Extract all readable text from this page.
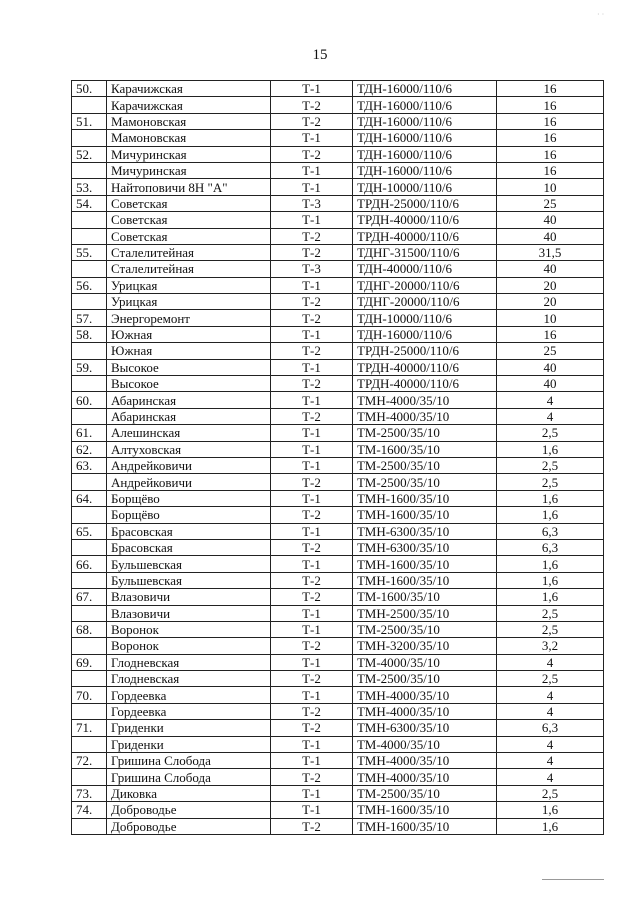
· ·
15
50.	Карачижская	Т-1	ТДН-16000/110/6	16
	Карачижская	Т-2	ТДН-16000/110/6	16
51.	Мамоновская	Т-2	ТДН-16000/110/6	16
	Мамоновская	Т-1	ТДН-16000/110/6	16
52.	Мичуринская	Т-2	ТДН-16000/110/6	16
	Мичуринская	Т-1	ТДН-16000/110/6	16
53.	Найтоповичи 8Н "А"	Т-1	ТДН-10000/110/6	10
54.	Советская	Т-3	ТРДН-25000/110/6	25
	Советская	Т-1	ТРДН-40000/110/6	40
	Советская	Т-2	ТРДН-40000/110/6	40
55.	Сталелитейная	Т-2	ТДНГ-31500/110/6	31,5
	Сталелитейная	Т-3	ТДН-40000/110/6	40
56.	Урицкая	Т-1	ТДНГ-20000/110/6	20
	Урицкая	Т-2	ТДНГ-20000/110/6	20
57.	Энергоремонт	Т-2	ТДН-10000/110/6	10
58.	Южная	Т-1	ТДН-16000/110/6	16
	Южная	Т-2	ТРДН-25000/110/6	25
59.	Высокое	Т-1	ТРДН-40000/110/6	40
	Высокое	Т-2	ТРДН-40000/110/6	40
60.	Абаринская	Т-1	ТМН-4000/35/10	4
	Абаринская	Т-2	ТМН-4000/35/10	4
61.	Алешинская	Т-1	ТМ-2500/35/10	2,5
62.	Алтуховская	Т-1	ТМ-1600/35/10	1,6
63.	Андрейковичи	Т-1	ТМ-2500/35/10	2,5
	Андрейковичи	Т-2	ТМ-2500/35/10	2,5
64.	Борщёво	Т-1	ТМН-1600/35/10	1,6
	Борщёво	Т-2	ТМН-1600/35/10	1,6
65.	Брасовская	Т-1	ТМН-6300/35/10	6,3
	Брасовская	Т-2	ТМН-6300/35/10	6,3
66.	Бульшевская	Т-1	ТМН-1600/35/10	1,6
	Бульшевская	Т-2	ТМН-1600/35/10	1,6
67.	Влазовичи	Т-2	ТМ-1600/35/10	1,6
	Влазовичи	Т-1	ТМН-2500/35/10	2,5
68.	Воронок	Т-1	ТМ-2500/35/10	2,5
	Воронок	Т-2	ТМН-3200/35/10	3,2
69.	Глодневская	Т-1	ТМ-4000/35/10	4
	Глодневская	Т-2	ТМ-2500/35/10	2,5
70.	Гордеевка	Т-1	ТМН-4000/35/10	4
	Гордеевка	Т-2	ТМН-4000/35/10	4
71.	Гриденки	Т-2	ТМН-6300/35/10	6,3
	Гриденки	Т-1	ТМ-4000/35/10	4
72.	Гришина Слобода	Т-1	ТМН-4000/35/10	4
	Гришина Слобода	Т-2	ТМН-4000/35/10	4
73.	Диковка	Т-1	ТМ-2500/35/10	2,5
74.	Доброводье	Т-1	ТМН-1600/35/10	1,6
	Доброводье	Т-2	ТМН-1600/35/10	1,6
